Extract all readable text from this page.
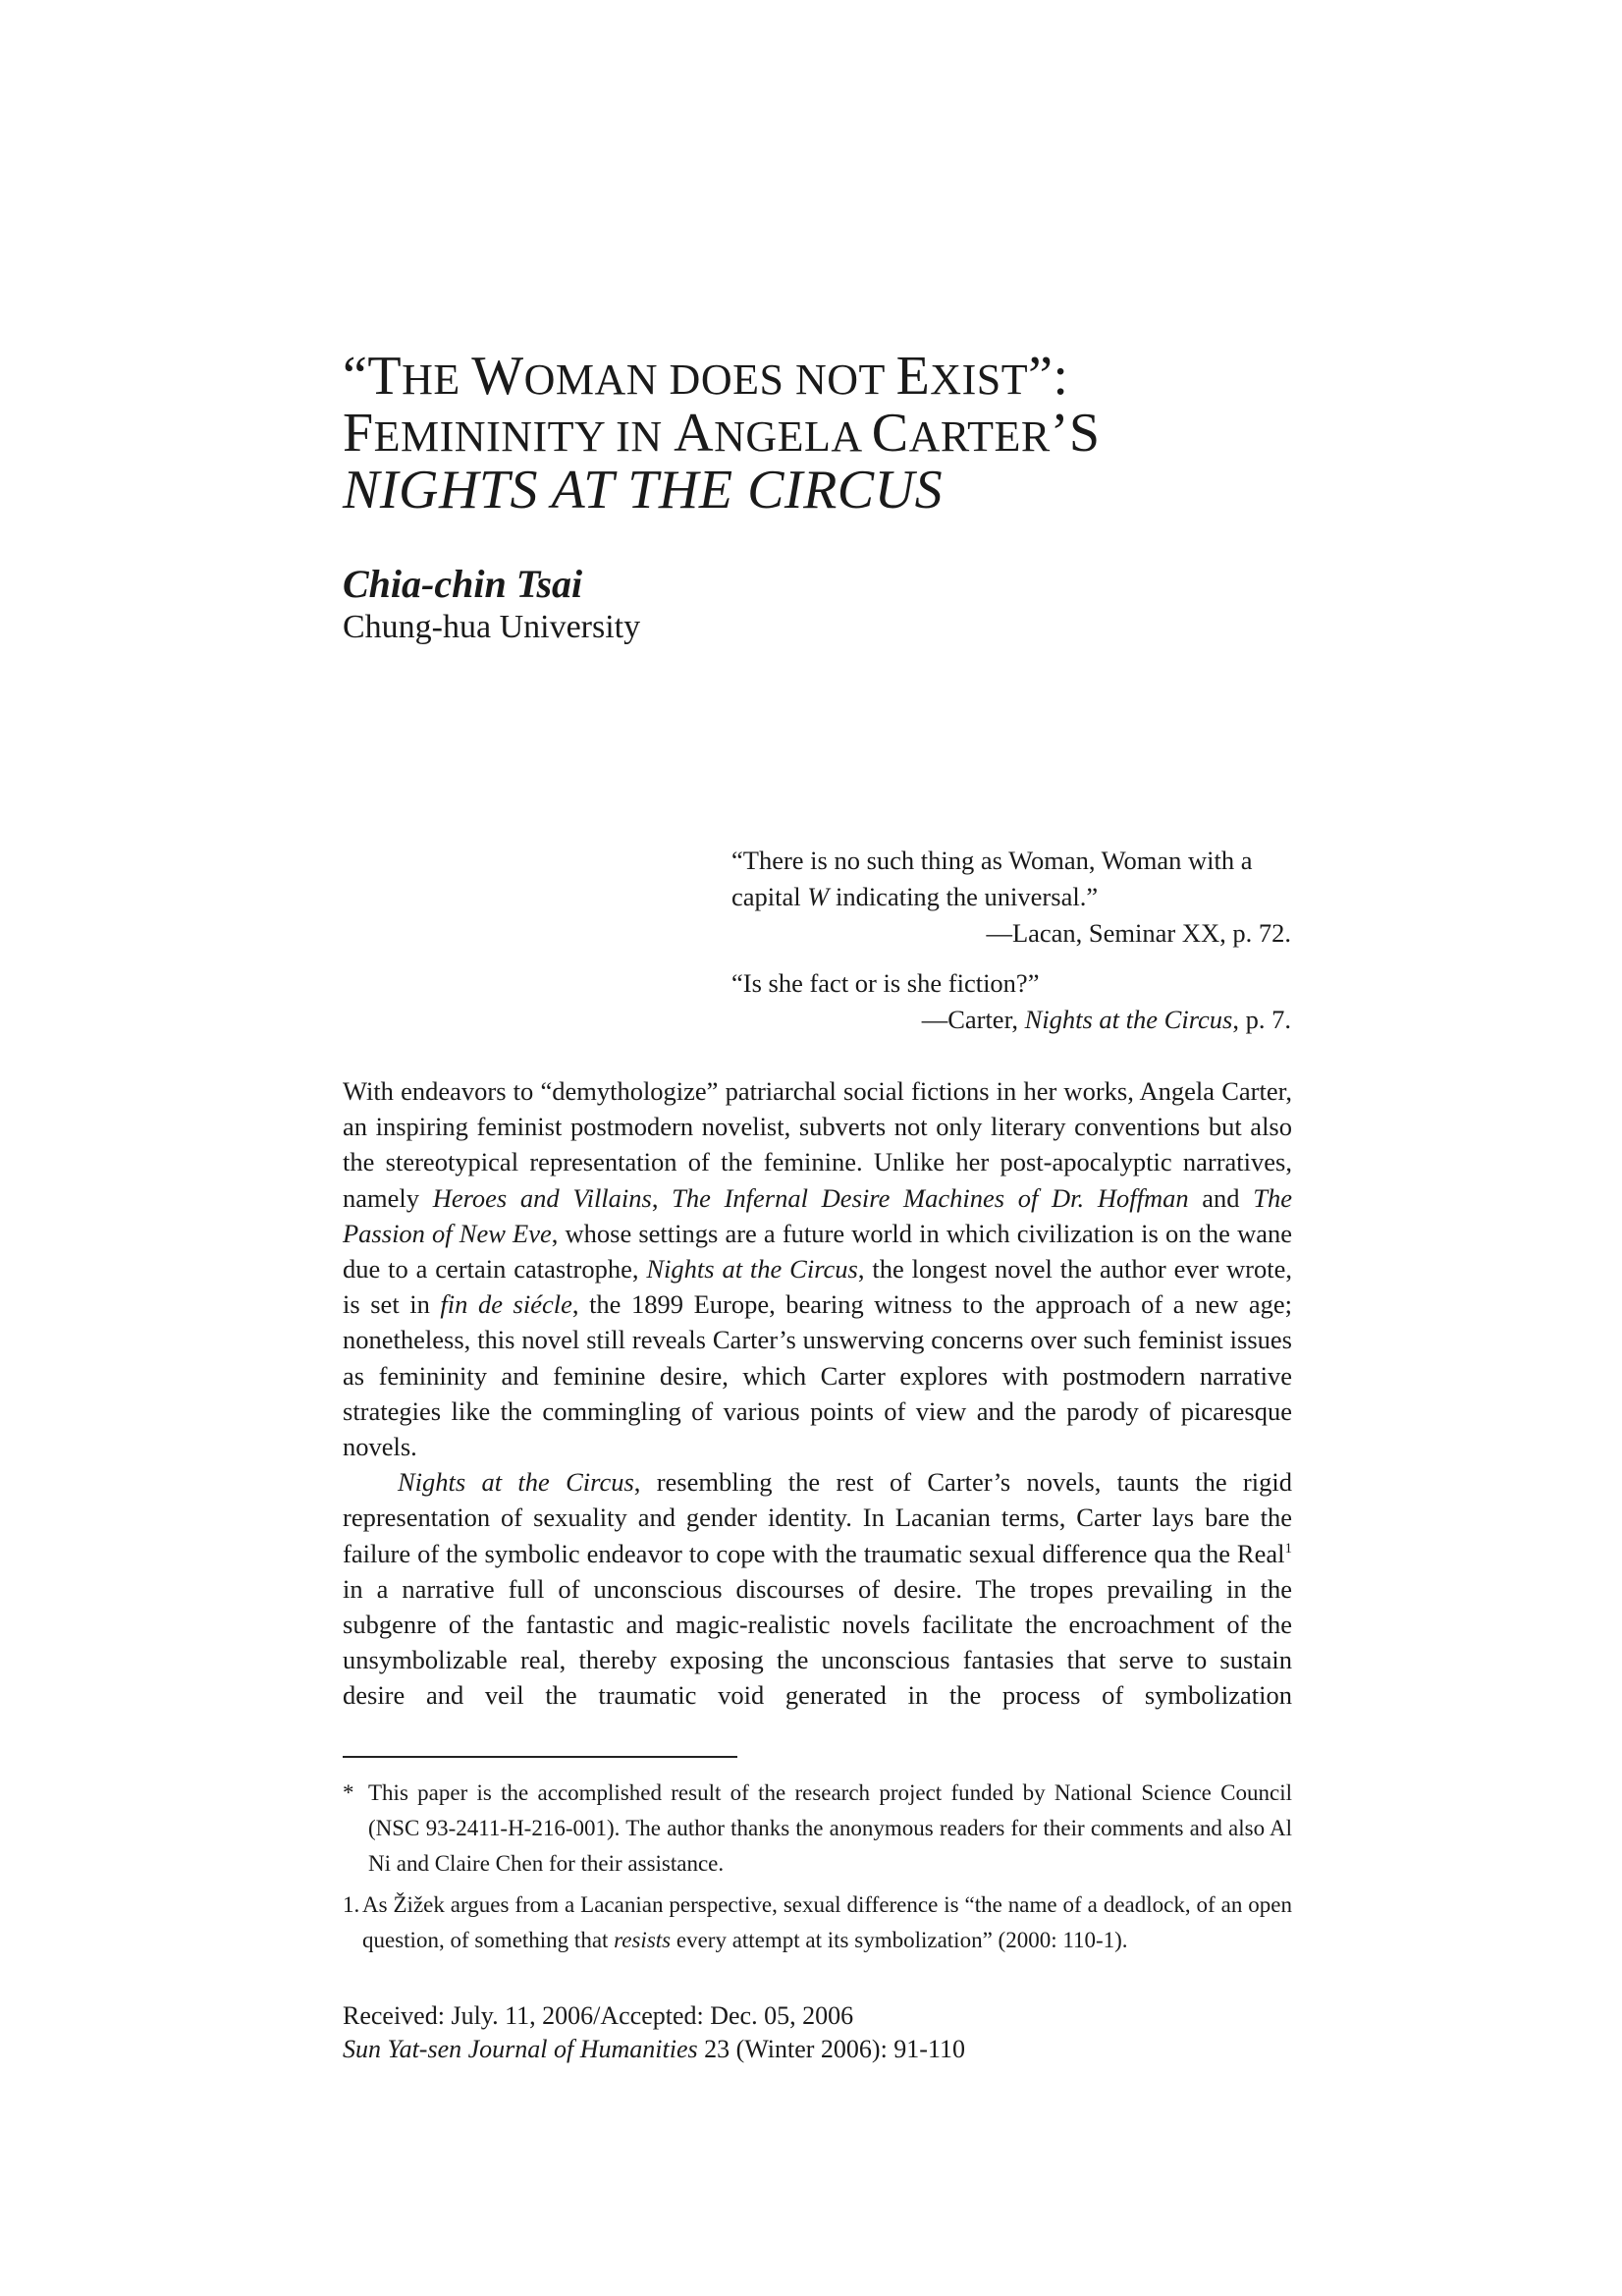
“THE WOMAN DOES NOT EXIST”:
FEMININITY IN ANGELA CARTER’S
NIGHTS AT THE CIRCUS
Chia-chin Tsai
Chung-hua University
“There is no such thing as Woman, Woman with a capital W indicating the universal.”
—Lacan, Seminar XX, p. 72.
“Is she fact or is she fiction?”
—Carter, Nights at the Circus, p. 7.

With endeavors to “demythologize” patriarchal social fictions in her works, Angela Carter, an inspiring feminist postmodern novelist, subverts not only literary conventions but also the stereotypical representation of the feminine. Unlike her post-apocalyptic narratives, namely Heroes and Villains, The Infernal Desire Machines of Dr. Hoffman and The Passion of New Eve, whose settings are a future world in which civilization is on the wane due to a certain catastrophe, Nights at the Circus, the longest novel the author ever wrote, is set in fin de siécle, the 1899 Europe, bearing witness to the approach of a new age; nonetheless, this novel still reveals Carter’s unswerving concerns over such feminist issues as femininity and feminine desire, which Carter explores with postmodern narrative strategies like the commingling of various points of view and the parody of picaresque novels.

Nights at the Circus, resembling the rest of Carter’s novels, taunts the rigid representation of sexuality and gender identity. In Lacanian terms, Carter lays bare the failure of the symbolic endeavor to cope with the traumatic sexual difference qua the Real$^1$ in a narrative full of unconscious discourses of desire. The tropes prevailing in the subgenre of the fantastic and magic-realistic novels facilitate the encroachment of the unsymbolizable real, thereby exposing the unconscious fantasies that serve to sustain desire and veil the traumatic void generated in the process of symbolization

* This paper is the accomplished result of the research project funded by National Science Council (NSC 93-2411-H-216-001). The author thanks the anonymous readers for their comments and also Al Ni and Claire Chen for their assistance.

1. As Žižek argues from a Lacanian perspective, sexual difference is “the name of a deadlock, of an open question, of something that resists every attempt at its symbolization” (2000: 110-1).

Received: July. 11, 2006/Accepted: Dec. 05, 2006
Sun Yat-sen Journal of Humanities 23 (Winter 2006): 91-110
